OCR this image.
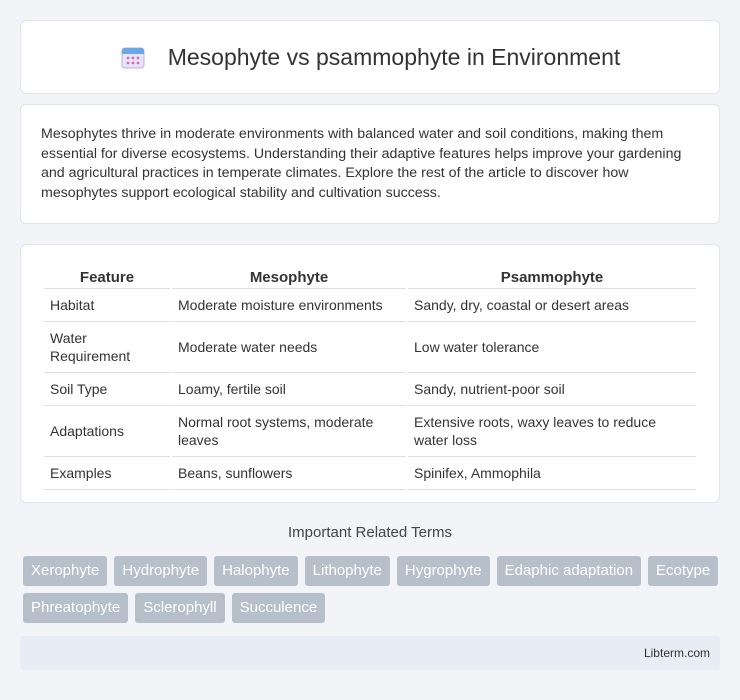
Mesophyte vs psammophyte in Environment

Mesophytes thrive in moderate environments with balanced water and soil conditions, making them essential for diverse ecosystems. Understanding their adaptive features helps improve your gardening and agricultural practices in temperate climates. Explore the rest of the article to discover how mesophytes support ecological stability and cultivation success.

Feature	Mesophyte	Psammophyte
Habitat	Moderate moisture environments	Sandy, dry, coastal or desert areas
Water Requirement	Moderate water needs	Low water tolerance
Soil Type	Loamy, fertile soil	Sandy, nutrient-poor soil
Adaptations	Normal root systems, moderate leaves	Extensive roots, waxy leaves to reduce water loss
Examples	Beans, sunflowers	Spinifex, Ammophila
Important Related Terms
Xerophyte	Hydrophyte	Halophyte	Lithophyte	Hygrophyte	Edaphic adaptation	Ecotype
Phreatophyte	Sclerophyll	Succulence
Libterm.com
